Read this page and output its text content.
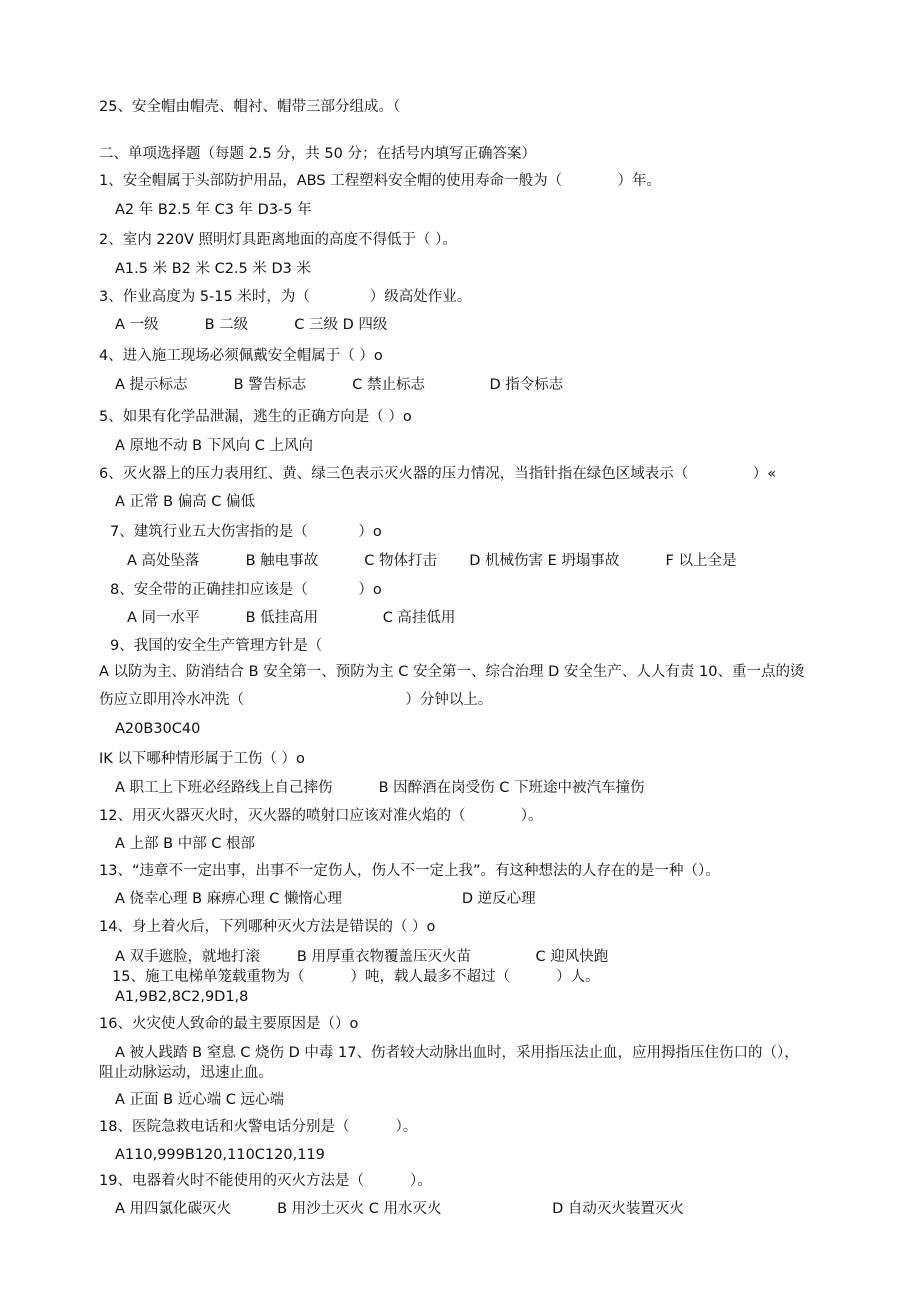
25、安全帽由帽壳、帽衬、帽带三部分组成。（
二、单项选择题（每题 2.5 分，共 50 分；在括号内填写正确答案）
1、安全帽属于头部防护用品，ABS 工程塑料安全帽的使用寿命一般为（            ）年。
A2 年 B2.5 年 C3 年 D3-5 年
2、室内 220V 照明灯具距离地面的高度不得低于（ ）。
A1.5 米 B2 米 C2.5 米 D3 米
3、作业高度为 5-15 米时，为（             ）级高处作业。
A 一级          B 二级          C 三级 D 四级
4、进入施工现场必须佩戴安全帽属于（ ）o
A 提示标志          B 警告标志          C 禁止标志              D 指令标志
5、如果有化学品泄漏，逃生的正确方向是（ ）o
A 原地不动 B 下风向 C 上风向
6、灭火器上的压力表用红、黄、绿三色表示灭火器的压力情况，当指针指在绿色区域表示（              ）«
A 正常 B 偏高 C 偏低
7、建筑行业五大伤害指的是（           ）o
A 高处坠落          B 触电事故          C 物体打击       D 机械伤害 E 坍塌事故          F 以上全是
8、安全带的正确挂扣应该是（           ）o
A 同一水平          B 低挂高用              C 高挂低用
9、我国的安全生产管理方针是（
A 以防为主、防消结合 B 安全第一、预防为主 C 安全第一、综合治理 D 安全生产、人人有责 10、重一点的烫
伤应立即用冷水冲洗（                                   ）分钟以上。
A20B30C40
IK 以下哪种情形属于工伤（ ）o
A 职工上下班必经路线上自己摔伤          B 因醉酒在岗受伤 C 下班途中被汽车撞伤
12、用灭火器灭火时，灭火器的喷射口应该对准火焰的（            ）。
A 上部 B 中部 C 根部
13、“违章不一定出事，出事不一定伤人，伤人不一定上我”。有这种想法的人存在的是一种（）。
A 侥幸心理 B 麻痹心理 C 懒惰心理                          D 逆反心理
14、身上着火后，下列哪种灭火方法是错误的（ ）o
A 双手遮脸，就地打滚        B 用厚重衣物覆盖压灭火苗              C 迎风快跑
15、施工电梯单笼载重物为（          ）吨，载人最多不超过（          ）人。
A1,9B2,8C2,9D1,8
16、火灾使人致命的最主要原因是（）o
A 被人践踏 B 窒息 C 烧伤 D 中毒 17、伤者较大动脉出血时，采用指压法止血，应用拇指压住伤口的（），
阻止动脉运动，迅速止血。
A 正面 B 近心端 C 远心端
18、医院急救电话和火警电话分别是（          ）。
A110,999B120,110C120,119
19、电器着火时不能使用的灭火方法是（          ）。
A 用四氯化碳灭火          B 用沙土灭火 C 用水灭火                        D 自动灭火装置灭火
